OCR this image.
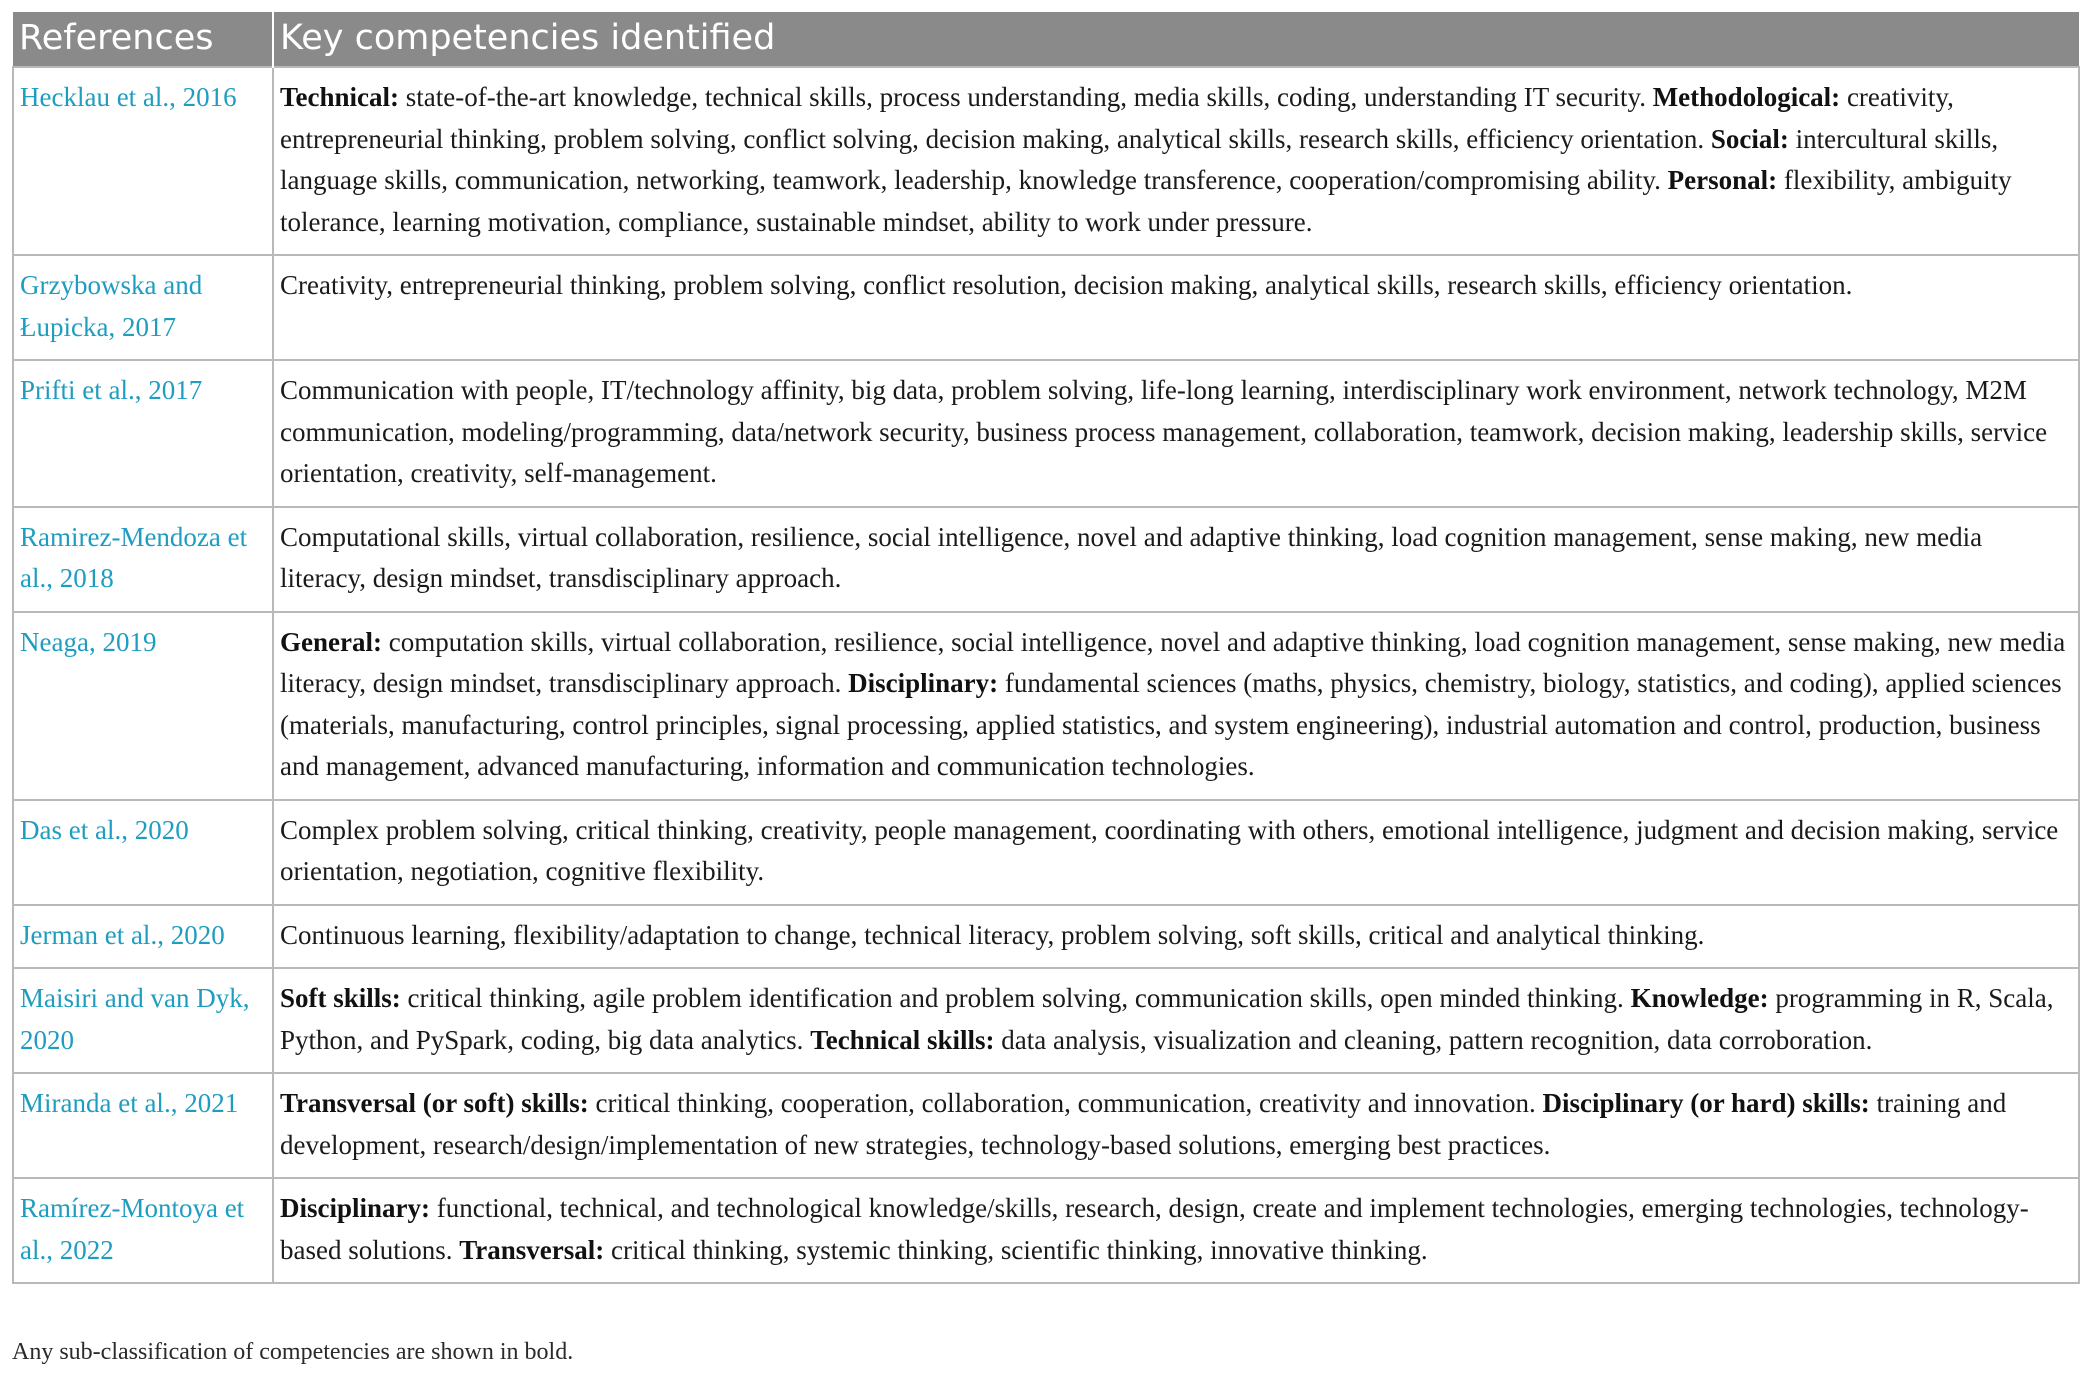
References	Key competencies identified
Hecklau et al., 2016	Technical: state-of-the-art knowledge, technical skills, process understanding, media skills, coding, understanding IT security. Methodological: creativity, entrepreneurial thinking, problem solving, conflict solving, decision making, analytical skills, research skills, efficiency orientation. Social: intercultural skills, language skills, communication, networking, teamwork, leadership, knowledge transference, cooperation/compromising ability. Personal: flexibility, ambiguity tolerance, learning motivation, compliance, sustainable mindset, ability to work under pressure.
Grzybowska and Łupicka, 2017	Creativity, entrepreneurial thinking, problem solving, conflict resolution, decision making, analytical skills, research skills, efficiency orientation.
Prifti et al., 2017	Communication with people, IT/technology affinity, big data, problem solving, life-long learning, interdisciplinary work environment, network technology, M2M communication, modeling/programming, data/network security, business process management, collaboration, teamwork, decision making, leadership skills, service orientation, creativity, self-management.
Ramirez-Mendoza et al., 2018	Computational skills, virtual collaboration, resilience, social intelligence, novel and adaptive thinking, load cognition management, sense making, new media literacy, design mindset, transdisciplinary approach.
Neaga, 2019	General: computation skills, virtual collaboration, resilience, social intelligence, novel and adaptive thinking, load cognition management, sense making, new media literacy, design mindset, transdisciplinary approach. Disciplinary: fundamental sciences (maths, physics, chemistry, biology, statistics, and coding), applied sciences (materials, manufacturing, control principles, signal processing, applied statistics, and system engineering), industrial automation and control, production, business and management, advanced manufacturing, information and communication technologies.
Das et al., 2020	Complex problem solving, critical thinking, creativity, people management, coordinating with others, emotional intelligence, judgment and decision making, service orientation, negotiation, cognitive flexibility.
Jerman et al., 2020	Continuous learning, flexibility/adaptation to change, technical literacy, problem solving, soft skills, critical and analytical thinking.
Maisiri and van Dyk, 2020	Soft skills: critical thinking, agile problem identification and problem solving, communication skills, open minded thinking. Knowledge: programming in R, Scala, Python, and PySpark, coding, big data analytics. Technical skills: data analysis, visualization and cleaning, pattern recognition, data corroboration.
Miranda et al., 2021	Transversal (or soft) skills: critical thinking, cooperation, collaboration, communication, creativity and innovation. Disciplinary (or hard) skills: training and development, research/design/implementation of new strategies, technology-based solutions, emerging best practices.
Ramírez-Montoya et al., 2022	Disciplinary: functional, technical, and technological knowledge/skills, research, design, create and implement technologies, emerging technologies, technology-based solutions. Transversal: critical thinking, systemic thinking, scientific thinking, innovative thinking.
Any sub-classification of competencies are shown in bold.
